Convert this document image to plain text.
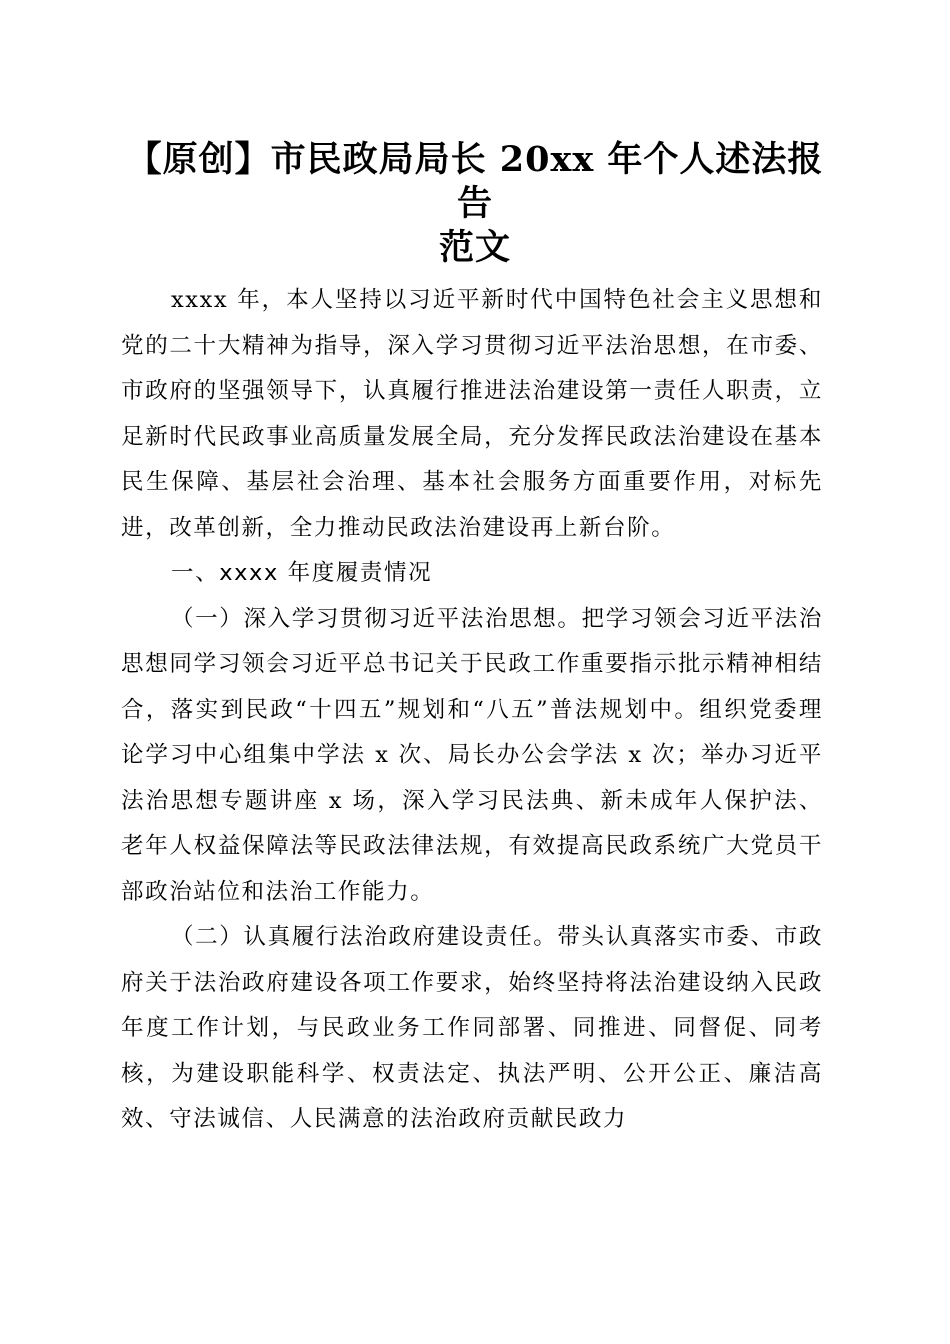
【原创】市民政局局长 20xx 年个人述法报告
范文

xxxx 年，本人坚持以习近平新时代中国特色社会主义思想和党的二十大精神为指导，深入学习贯彻习近平法治思想，在市委、市政府的坚强领导下，认真履行推进法治建设第一责任人职责，立足新时代民政事业高质量发展全局，充分发挥民政法治建设在基本民生保障、基层社会治理、基本社会服务方面重要作用，对标先进，改革创新，全力推动民政法治建设再上新台阶。

一、xxxx 年度履责情况

（一）深入学习贯彻习近平法治思想。把学习领会习近平法治思想同学习领会习近平总书记关于民政工作重要指示批示精神相结合，落实到民政“十四五”规划和“八五”普法规划中。组织党委理论学习中心组集中学法 x 次、局长办公会学法 x 次；举办习近平法治思想专题讲座 x 场，深入学习民法典、新未成年人保护法、老年人权益保障法等民政法律法规，有效提高民政系统广大党员干部政治站位和法治工作能力。

（二）认真履行法治政府建设责任。带头认真落实市委、市政府关于法治政府建设各项工作要求，始终坚持将法治建设纳入民政年度工作计划，与民政业务工作同部署、同推进、同督促、同考核，为建设职能科学、权责法定、执法严明、公开公正、廉洁高效、守法诚信、人民满意的法治政府贡献民政力
